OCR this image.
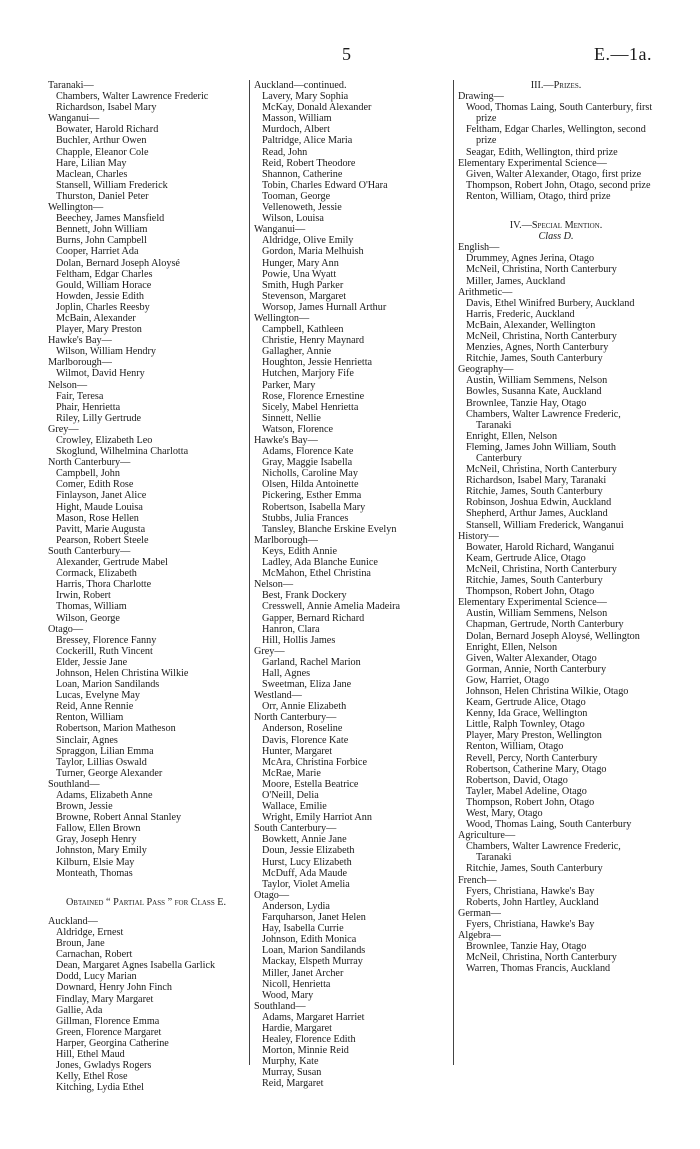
5	E.—1a.

Taranaki—

Chambers, Walter Lawrence Frederic

Richardson, Isabel Mary

Wanganui—

Bowater, Harold Richard

Buchler, Arthur Owen

Chapple, Eleanor Cole

Hare, Lilian May

Maclean, Charles

Stansell, William Frederick

Thurston, Daniel Peter

Wellington—

Beechey, James Mansfield

Bennett, John William

Burns, John Campbell

Cooper, Harriet Ada

Dolan, Bernard Joseph Aloysé

Feltham, Edgar Charles

Gould, William Horace

Howden, Jessie Edith

Joplin, Charles Reesby

McBain, Alexander

Player, Mary Preston

Hawke's Bay—

Wilson, William Hendry

Marlborough—

Wilmot, David Henry

Nelson—

Fair, Teresa

Phair, Henrietta

Riley, Lilly Gertrude

Grey—

Crowley, Elizabeth Leo

Skoglund, Wilhelmina Charlotta

North Canterbury—

Campbell, John

Comer, Edith Rose

Finlayson, Janet Alice

Hight, Maude Louisa

Mason, Rose Hellen

Pavitt, Marie Augusta

Pearson, Robert Steele

South Canterbury—

Alexander, Gertrude Mabel

Cormack, Elizabeth

Harris, Thora Charlotte

Irwin, Robert

Thomas, William

Wilson, George

Otago—

Bressey, Florence Fanny

Cockerill, Ruth Vincent

Elder, Jessie Jane

Johnson, Helen Christina Wilkie

Loan, Marion Sandilands

Lucas, Evelyne May

Reid, Anne Rennie

Renton, William

Robertson, Marion Matheson

Sinclair, Agnes

Spraggon, Lilian Emma

Taylor, Lillias Oswald

Turner, George Alexander

Southland—

Adams, Elizabeth Anne

Brown, Jessie

Browne, Robert Annal Stanley

Fallow, Ellen Brown

Gray, Joseph Henry

Johnston, Mary Emily

Kilburn, Elsie May

Monteath, Thomas

Obtained “ Partial Pass ” for Class E.

Auckland—

Aldridge, Ernest

Broun, Jane

Carnachan, Robert

Dean, Margaret Agnes Isabella Garlick

Dodd, Lucy Marian

Downard, Henry John Finch

Findlay, Mary Margaret

Gallie, Ada

Gillman, Florence Emma

Green, Florence Margaret

Harper, Georgina Catherine

Hill, Ethel Maud

Jones, Gwladys Rogers

Kelly, Ethel Rose

Kitching, Lydia Ethel

Auckland—continued.

Lavery, Mary Sophia

McKay, Donald Alexander

Masson, William

Murdoch, Albert

Paltridge, Alice Maria

Read, John

Reid, Robert Theodore

Shannon, Catherine

Tobin, Charles Edward O'Hara

Tooman, George

Vellenoweth, Jessie

Wilson, Louisa

Wanganui—

Aldridge, Olive Emily

Gordon, Maria Melhuish

Hunger, Mary Ann

Powie, Una Wyatt

Smith, Hugh Parker

Stevenson, Margaret

Worsop, James Hurnall Arthur

Wellington—

Campbell, Kathleen

Christie, Henry Maynard

Gallagher, Annie

Houghton, Jessie Henrietta

Hutchen, Marjory Fife

Parker, Mary

Rose, Florence Ernestine

Sicely, Mabel Henrietta

Sinnett, Nellie

Watson, Florence

Hawke's Bay—

Adams, Florence Kate

Gray, Maggie Isabella

Nicholls, Caroline May

Olsen, Hilda Antoinette

Pickering, Esther Emma

Robertson, Isabella Mary

Stubbs, Julia Frances

Tansley, Blanche Erskine Evelyn

Marlborough—

Keys, Edith Annie

Ladley, Ada Blanche Eunice

McMahon, Ethel Christina

Nelson—

Best, Frank Dockery

Cresswell, Annie Amelia Madeira

Gapper, Bernard Richard

Hanron, Clara

Hill, Hollis James

Grey—

Garland, Rachel Marion

Hall, Agnes

Sweetman, Eliza Jane

Westland—

Orr, Annie Elizabeth

North Canterbury—

Anderson, Roseline

Davis, Florence Kate

Hunter, Margaret

McAra, Christina Forbice

McRae, Marie

Moore, Estella Beatrice

O'Neill, Delia

Wallace, Emilie

Wright, Emily Harriot Ann

South Canterbury—

Bowkett, Annie Jane

Doun, Jessie Elizabeth

Hurst, Lucy Elizabeth

McDuff, Ada Maude

Taylor, Violet Amelia

Otago—

Anderson, Lydia

Farquharson, Janet Helen

Hay, Isabella Currie

Johnson, Edith Monica

Loan, Marion Sandilands

Mackay, Elspeth Murray

Miller, Janet Archer

Nicoll, Henrietta

Wood, Mary

Southland—

Adams, Margaret Harriet

Hardie, Margaret

Healey, Florence Edith

Morton, Minnie Reid

Murphy, Kate

Murray, Susan

Reid, Margaret

III.—Prizes.

Drawing—

Wood, Thomas Laing, South Canterbury, first prize

Feltham, Edgar Charles, Wellington, second prize

Seagar, Edith, Wellington, third prize

Elementary Experimental Science—

Given, Walter Alexander, Otago, first prize

Thompson, Robert John, Otago, second prize

Renton, William, Otago, third prize

IV.—Special Mention.

Class D.

English—

Drummey, Agnes Jerina, Otago

McNeil, Christina, North Canterbury

Miller, James, Auckland

Arithmetic—

Davis, Ethel Winifred Burbery, Auckland

Harris, Frederic, Auckland

McBain, Alexander, Wellington

McNeil, Christina, North Canterbury

Menzies, Agnes, North Canterbury

Ritchie, James, South Canterbury

Geography—

Austin, William Semmens, Nelson

Bowles, Susanna Kate, Auckland

Brownlee, Tanzie Hay, Otago

Chambers, Walter Lawrence Frederic, Taranaki

Enright, Ellen, Nelson

Fleming, James John William, South Canterbury

McNeil, Christina, North Canterbury

Richardson, Isabel Mary, Taranaki

Ritchie, James, South Canterbury

Robinson, Joshua Edwin, Auckland

Shepherd, Arthur James, Auckland

Stansell, William Frederick, Wanganui

History—

Bowater, Harold Richard, Wanganui

Keam, Gertrude Alice, Otago

McNeil, Christina, North Canterbury

Ritchie, James, South Canterbury

Thompson, Robert John, Otago

Elementary Experimental Science—

Austin, William Semmens, Nelson

Chapman, Gertrude, North Canterbury

Dolan, Bernard Joseph Aloysé, Wellington

Enright, Ellen, Nelson

Given, Walter Alexander, Otago

Gorman, Annie, North Canterbury

Gow, Harriet, Otago

Johnson, Helen Christina Wilkie, Otago

Keam, Gertrude Alice, Otago

Kenny, Ida Grace, Wellington

Little, Ralph Townley, Otago

Player, Mary Preston, Wellington

Renton, William, Otago

Revell, Percy, North Canterbury

Robertson, Catherine Mary, Otago

Robertson, David, Otago

Tayler, Mabel Adeline, Otago

Thompson, Robert John, Otago

West, Mary, Otago

Wood, Thomas Laing, South Canterbury

Agriculture—

Chambers, Walter Lawrence Frederic, Taranaki

Ritchie, James, South Canterbury

French—

Fyers, Christiana, Hawke's Bay

Roberts, John Hartley, Auckland

German—

Fyers, Christiana, Hawke's Bay

Algebra—

Brownlee, Tanzie Hay, Otago

McNeil, Christina, North Canterbury

Warren, Thomas Francis, Auckland
